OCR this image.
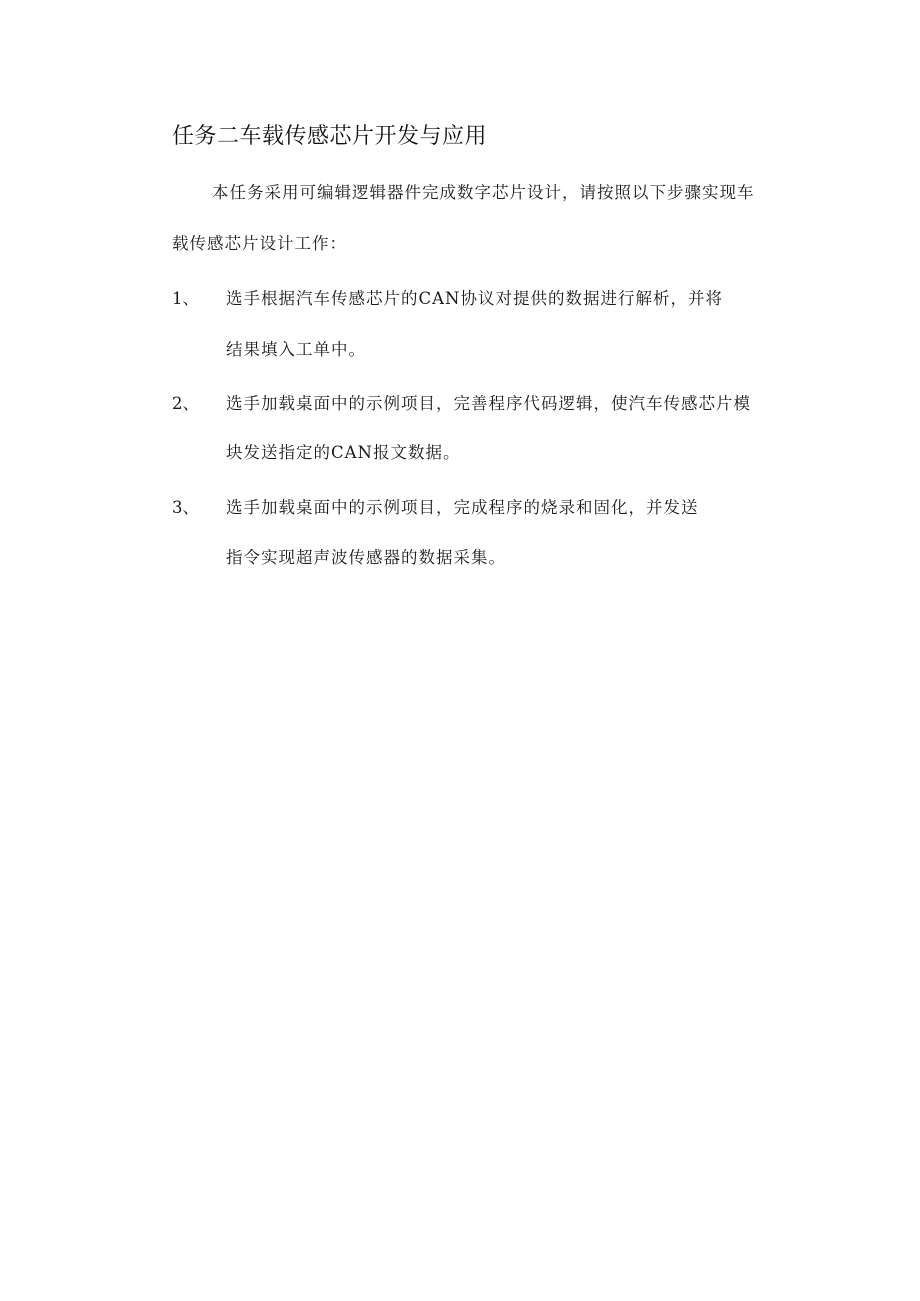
任务二车载传感芯片开发与应用
本任务采用可编辑逻辑器件完成数字芯片设计，请按照以下步骤实现车
载传感芯片设计工作：
1、 选手根据汽车传感芯片的CAN协议对提供的数据进行解析，并将
结果填入工单中。
2、 选手加载桌面中的示例项目，完善程序代码逻辑，使汽车传感芯片模
块发送指定的CAN报文数据。
3、 选手加载桌面中的示例项目，完成程序的烧录和固化，并发送
指令实现超声波传感器的数据采集。
